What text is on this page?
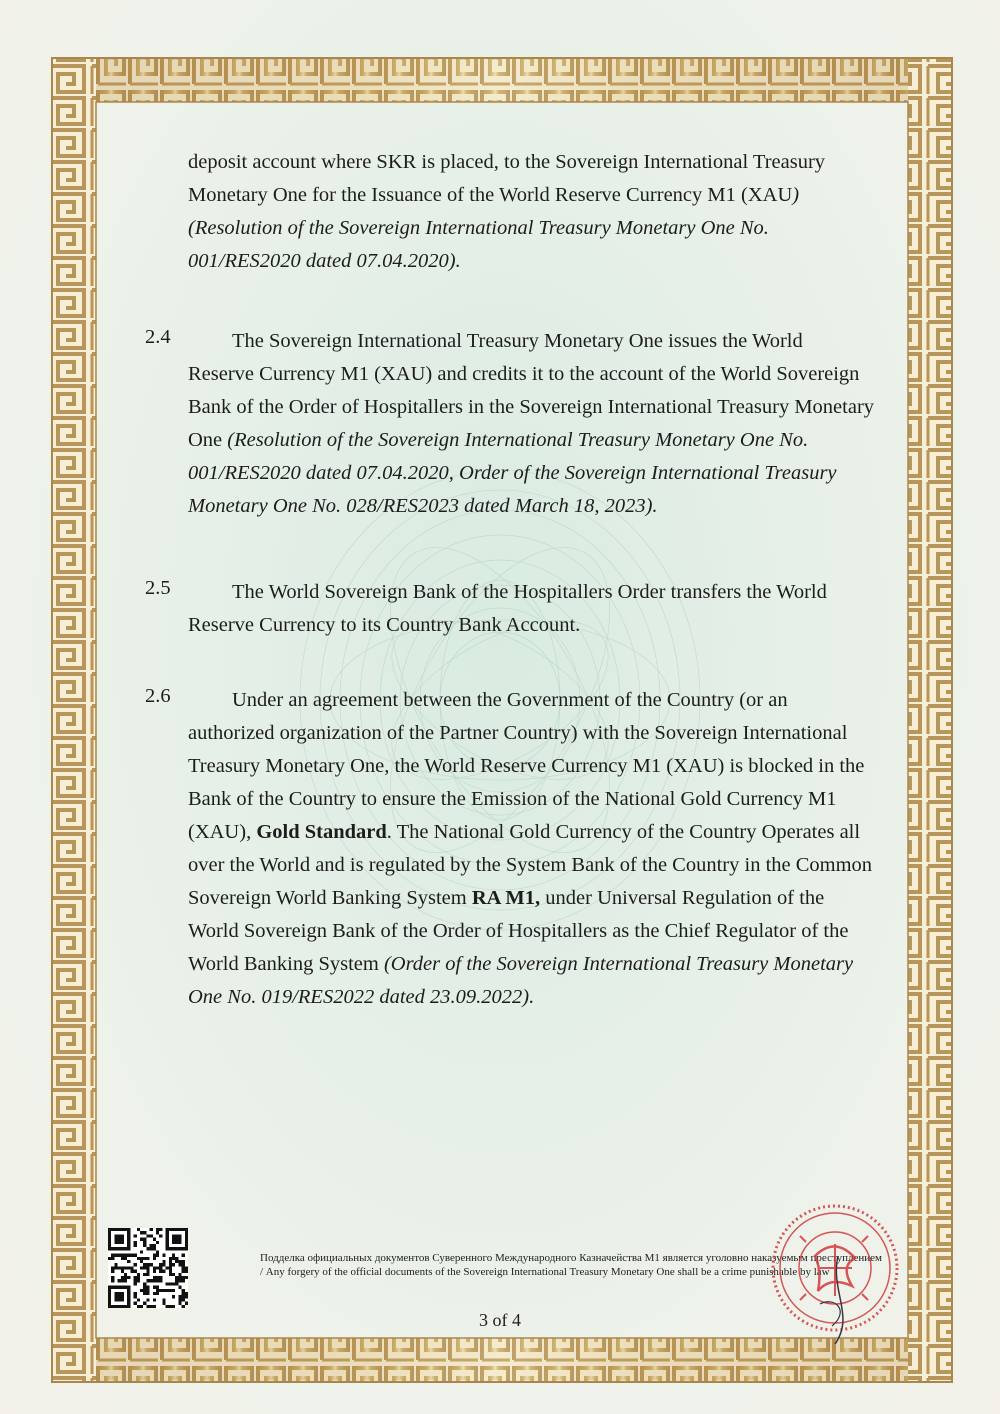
deposit account where SKR is placed, to the Sovereign International Treasury
Monetary One for the Issuance of the World Reserve Currency M1 (XAU)
(Resolution of the Sovereign International Treasury Monetary One No.
001/RES2020 dated 07.04.2020).
2.4	The Sovereign International Treasury Monetary One issues the World
Reserve Currency M1 (XAU) and credits it to the account of the World Sovereign
Bank of the Order of Hospitallers in the Sovereign International Treasury Monetary
One (Resolution of the Sovereign International Treasury Monetary One No.
001/RES2020 dated 07.04.2020, Order of the Sovereign International Treasury
Monetary One No. 028/RES2023 dated March 18, 2023).
2.5	The World Sovereign Bank of the Hospitallers Order transfers the World
Reserve Currency to its Country Bank Account.
2.6	Under an agreement between the Government of the Country (or an
authorized organization of the Partner Country) with the Sovereign International
Treasury Monetary One, the World Reserve Currency M1 (XAU) is blocked in the
Bank of the Country to ensure the Emission of the National Gold Currency M1
(XAU), Gold Standard. The National Gold Currency of the Country Operates all
over the World and is regulated by the System Bank of the Country in the Common
Sovereign World Banking System RA M1, under Universal Regulation of the
World Sovereign Bank of the Order of Hospitallers as the Chief Regulator of the
World Banking System (Order of the Sovereign International Treasury Monetary
One No. 019/RES2022 dated 23.09.2022).
Подделка официальных документов Суверенного Международного Казначейства M1 является уголовно наказуемым преступлением / Any forgery of the official documents of the Sovereign International Treasury Monetary One shall be a crime punishable by law
3 of 4
